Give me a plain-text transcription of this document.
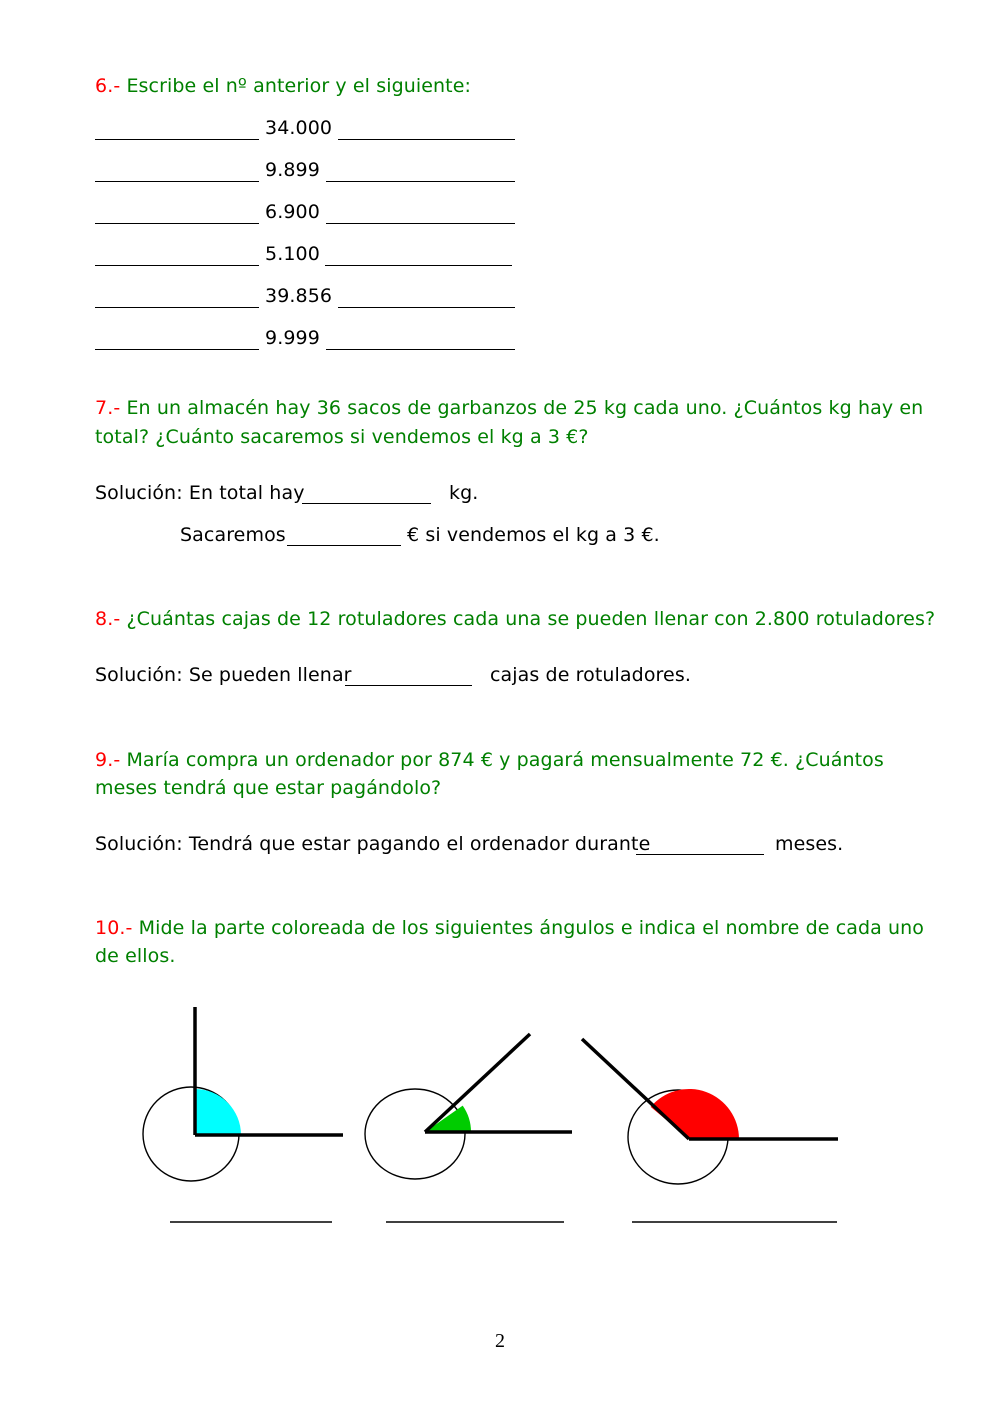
6.- Escribe el nº anterior y el siguiente:
34.000
9.899
6.900
5.100
39.856
9.999
7.- En un almacén hay 36 sacos de garbanzos de 25 kg cada uno. ¿Cuántos kg hay en
total? ¿Cuánto sacaremos si vendemos el kg a 3 €?
Solución: En total hay	kg.
Sacaremos	€ si vendemos el kg a 3 €.
8.- ¿Cuántas cajas de 12 rotuladores cada una se pueden llenar con 2.800 rotuladores?
Solución: Se pueden llenar	cajas de rotuladores.
9.- María compra un ordenador por 874 € y pagará mensualmente 72 €. ¿Cuántos
meses tendrá que estar pagándolo?
Solución: Tendrá que estar pagando el ordenador durante	meses.
10.- Mide la parte coloreada de los siguientes ángulos e indica el nombre de cada uno
de ellos.
2
